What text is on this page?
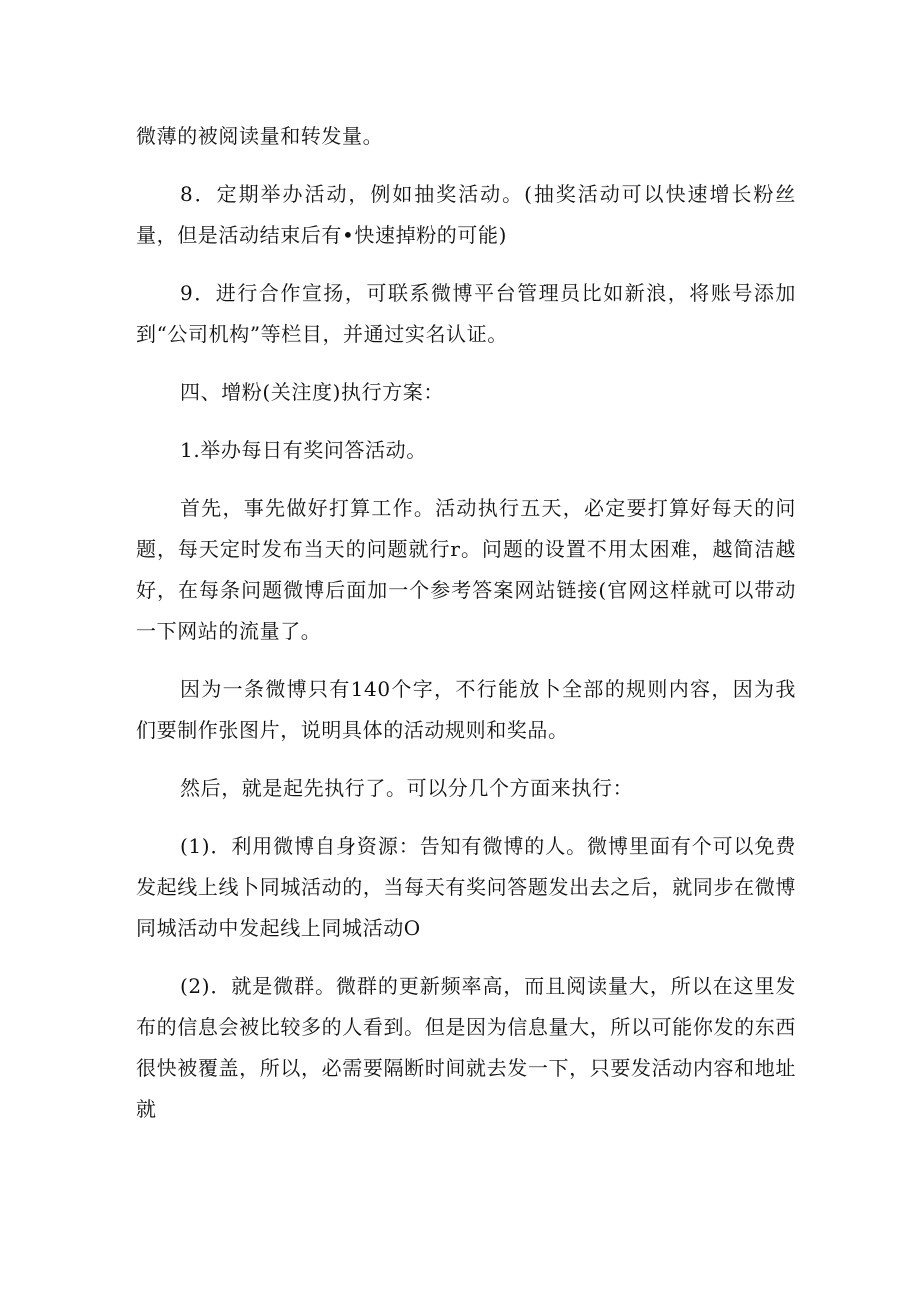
微薄的被阅读量和转发量。

8．定期举办活动，例如抽奖活动。(抽奖活动可以快速增长粉丝量，但是活动结束后有•快速掉粉的可能)

9．进行合作宣扬，可联系微博平台管理员比如新浪，将账号添加到“公司机构”等栏目，并通过实名认证。

四、增粉(关注度)执行方案：

1.举办每日有奖问答活动。

首先，事先做好打算工作。活动执行五天，必定要打算好每天的问题，每天定时发布当天的问题就行r。问题的设置不用太困难，越简洁越好，在每条问题微博后面加一个参考答案网站链接(官网这样就可以带动一下网站的流量了。

因为一条微博只有140个字，不行能放卜全部的规则内容，因为我们要制作张图片，说明具体的活动规则和奖品。

然后，就是起先执行了。可以分几个方面来执行：

(1)．利用微博自身资源：告知有微博的人。微博里面有个可以免费发起线上线卜同城活动的，当每天有奖问答题发出去之后，就同步在微博同城活动中发起线上同城活动O

(2)．就是微群。微群的更新频率高，而且阅读量大，所以在这里发布的信息会被比较多的人看到。但是因为信息量大，所以可能你发的东西很快被覆盖，所以，必需要隔断时间就去发一下，只要发活动内容和地址就
